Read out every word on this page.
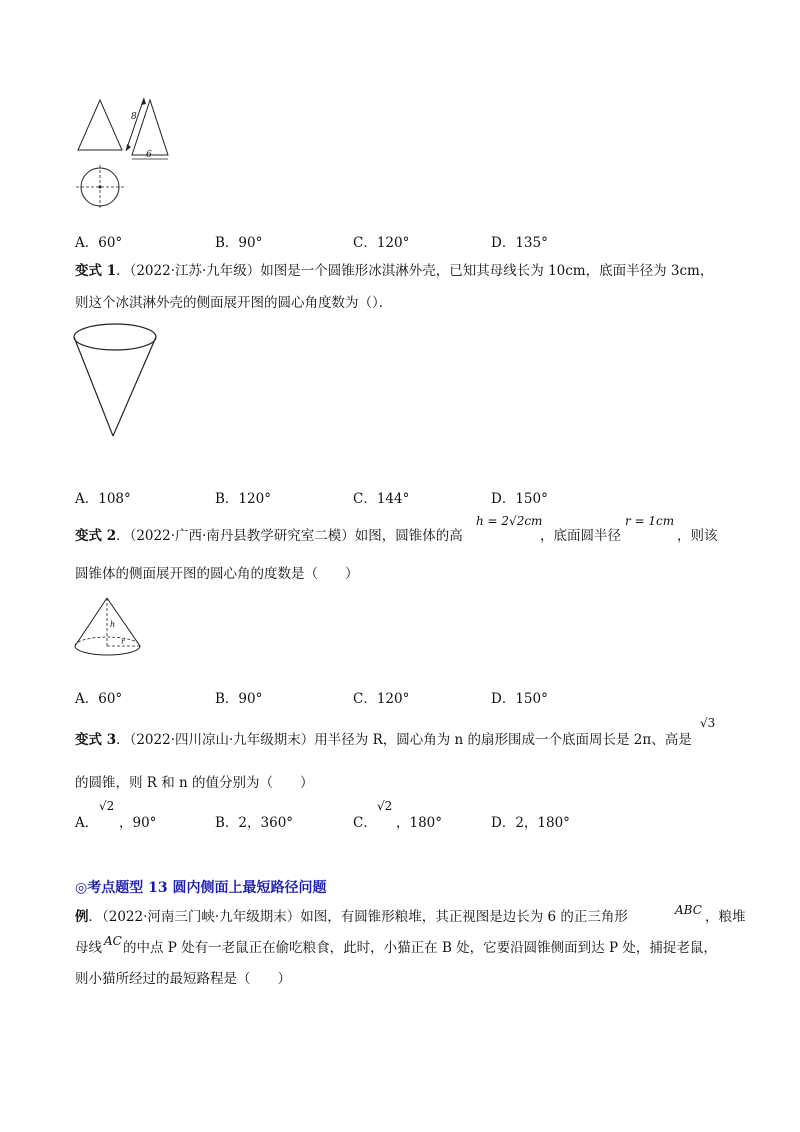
8
6
A．60°	B．90°	C．120°	D．135°
变式 1．（2022·江苏·九年级）如图是一个圆锥形冰淇淋外壳，已知其母线长为 10cm，底面半径为 3cm，
则这个冰淇淋外壳的侧面展开图的圆心角度数为（）．
A．108°	B．120°	C．144°	D．150°
变式 2．（2022·广西·南丹县教学研究室二模）如图，圆锥体的高
h = 2√2cm
，底面圆半径
r = 1cm
，则该
圆锥体的侧面展开图的圆心角的度数是（　　）
h
r
A．60°	B．90°	C．120°	D．150°
变式 3．（2022·四川凉山·九年级期末）用半径为 R，圆心角为 n 的扇形围成一个底面周长是 2π、高是
√3
的圆锥，则 R 和 n 的值分别为（　　）
A．
√2
，90°	B．2，360°	C．
√2
，180°	D．2，180°
◎考点题型 13 圆内侧面上最短路径问题
例．（2022·河南三门峡·九年级期末）如图，有圆锥形粮堆，其正视图是边长为 6 的正三角形	ABC ，粮堆
母线 AC 的中点 P 处有一老鼠正在偷吃粮食，此时，小猫正在 B 处，它要沿圆锥侧面到达 P 处，捕捉老鼠，
则小猫所经过的最短路程是（　　）
